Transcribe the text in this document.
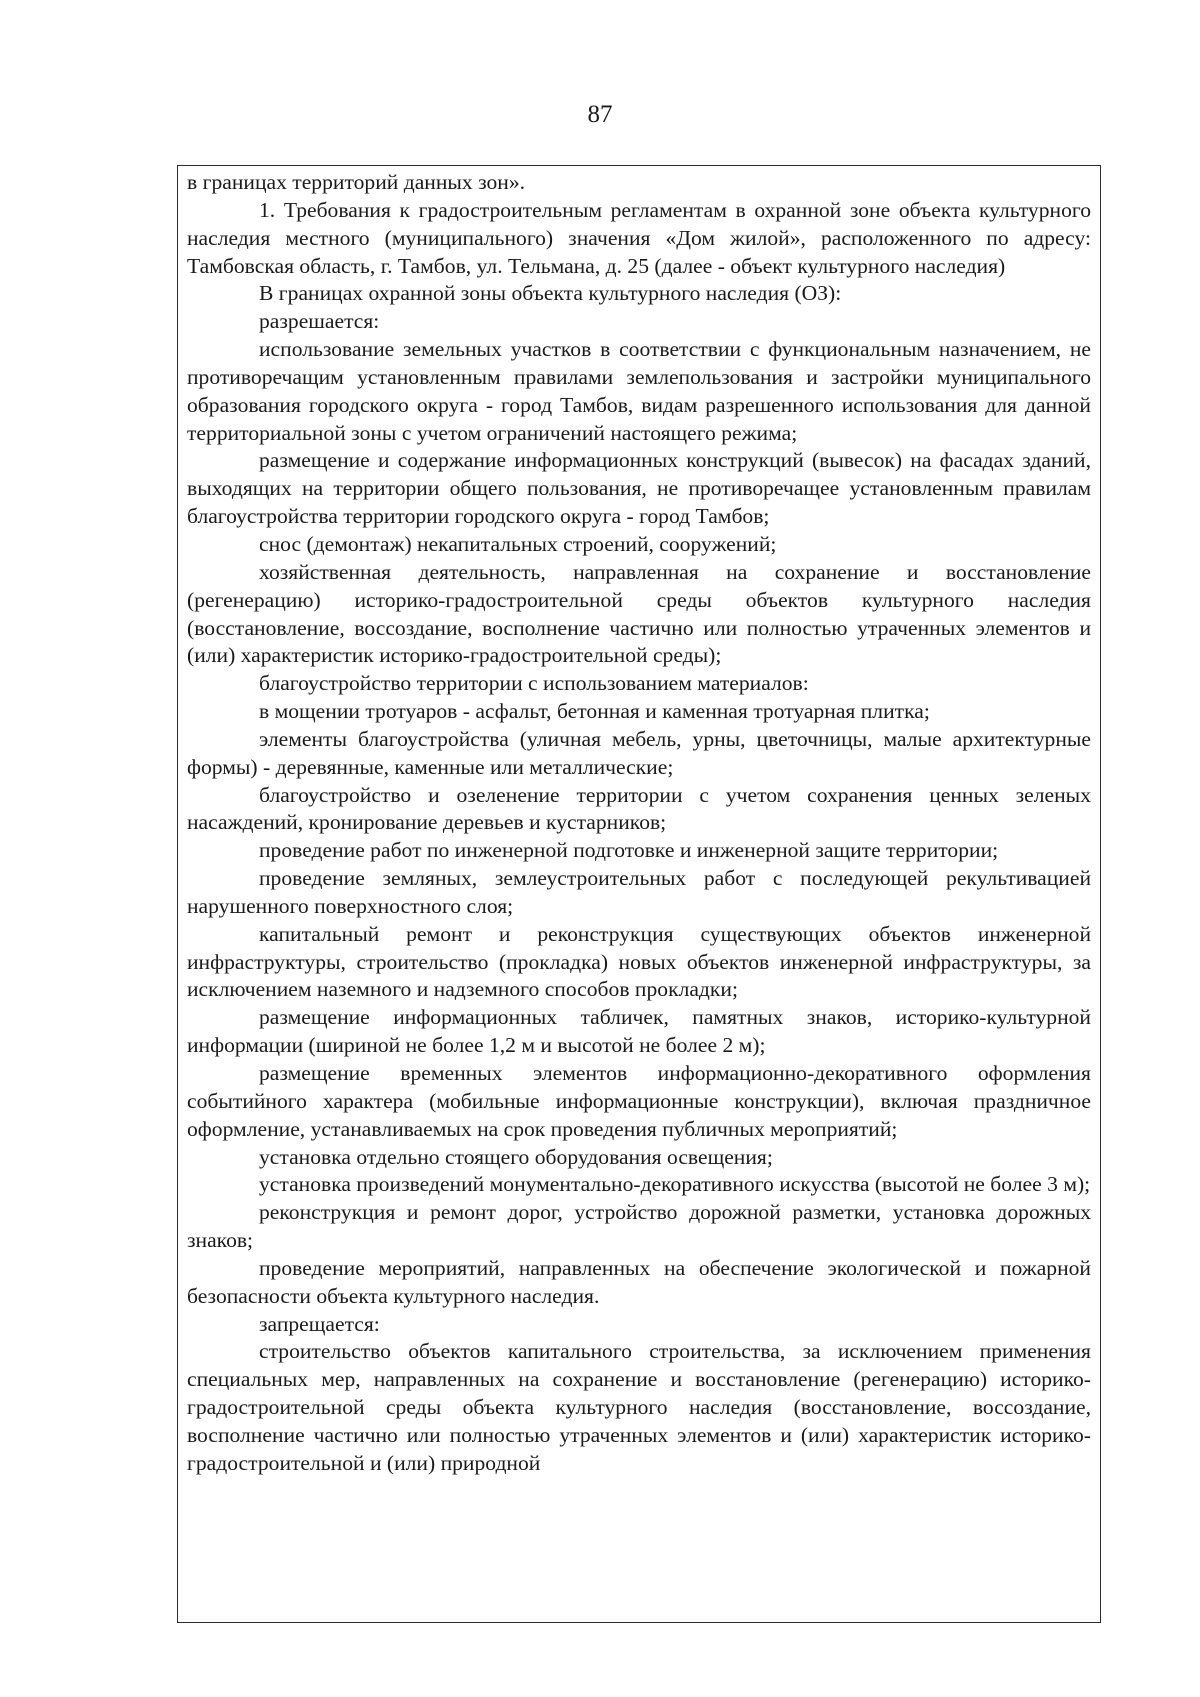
87

в границах территорий данных зон».

1. Требования к градостроительным регламентам в охранной зоне объекта культурного наследия местного (муниципального) значения «Дом жилой», расположенного по адресу: Тамбовская область, г. Тамбов, ул. Тельмана, д. 25 (далее - объект культурного наследия)

В границах охранной зоны объекта культурного наследия (ОЗ):

разрешается:

использование земельных участков в соответствии с функциональным назначением, не противоречащим установленным правилами землепользования и застройки муниципального образования городского округа - город Тамбов, видам разрешенного использования для данной территориальной зоны с учетом ограничений настоящего режима;

размещение и содержание информационных конструкций (вывесок) на фасадах зданий, выходящих на территории общего пользования, не противоречащее установленным правилам благоустройства территории городского округа - город Тамбов;

снос (демонтаж) некапитальных строений, сооружений;

хозяйственная деятельность, направленная на сохранение и восстановление (регенерацию) историко-градостроительной среды объектов культурного наследия (восстановление, воссоздание, восполнение частично или полностью утраченных элементов и (или) характеристик историко-градостроительной среды);

благоустройство территории с использованием материалов:

в мощении тротуаров - асфальт, бетонная и каменная тротуарная плитка;

элементы благоустройства (уличная мебель, урны, цветочницы, малые архитектурные формы) - деревянные, каменные или металлические;

благоустройство и озеленение территории с учетом сохранения ценных зеленых насаждений, кронирование деревьев и кустарников;

проведение работ по инженерной подготовке и инженерной защите территории;

проведение земляных, землеустроительных работ с последующей рекультивацией нарушенного поверхностного слоя;

капитальный ремонт и реконструкция существующих объектов инженерной инфраструктуры, строительство (прокладка) новых объектов инженерной инфраструктуры, за исключением наземного и надземного способов прокладки;

размещение информационных табличек, памятных знаков, историко-культурной информации (шириной не более 1,2 м и высотой не более 2 м);

размещение временных элементов информационно-декоративного оформления событийного характера (мобильные информационные конструкции), включая праздничное оформление, устанавливаемых на срок проведения публичных мероприятий;

установка отдельно стоящего оборудования освещения;

установка произведений монументально-декоративного искусства (высотой не более 3 м);

реконструкция и ремонт дорог, устройство дорожной разметки, установка дорожных знаков;

проведение мероприятий, направленных на обеспечение экологической и пожарной безопасности объекта культурного наследия.

запрещается:

строительство объектов капитального строительства, за исключением применения специальных мер, направленных на сохранение и восстановление (регенерацию) историко-градостроительной среды объекта культурного наследия (восстановление, воссоздание, восполнение частично или полностью утраченных элементов и (или) характеристик историко-градостроительной и (или) природной
